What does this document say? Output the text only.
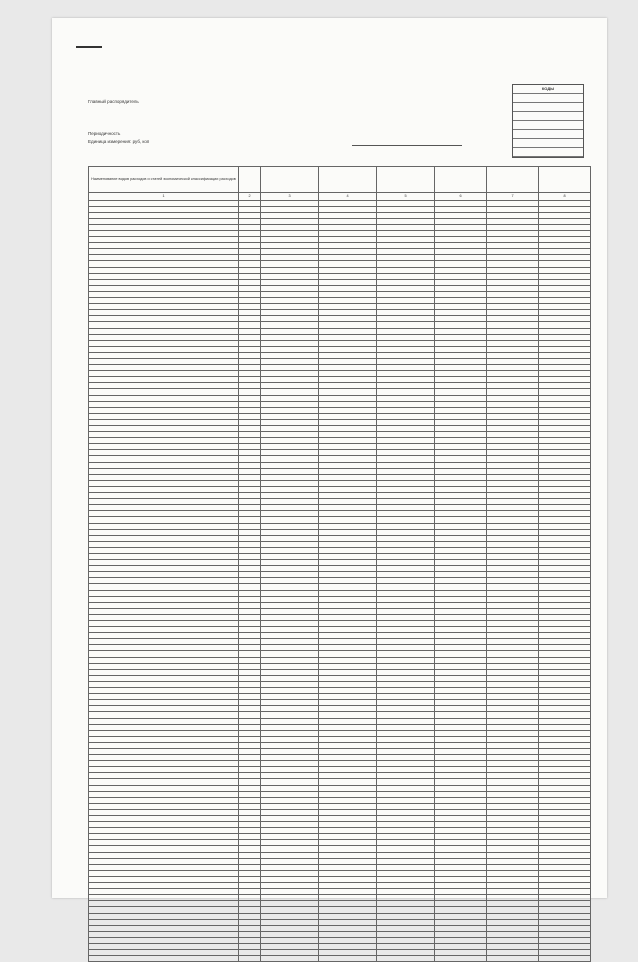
КОДЫ
Главный распорядитель
Периодичность
Единица измерения: руб, коп
Наименование видов расходов и статей экономической классификации расходов							
1	2	3	4	5	6	7	8
